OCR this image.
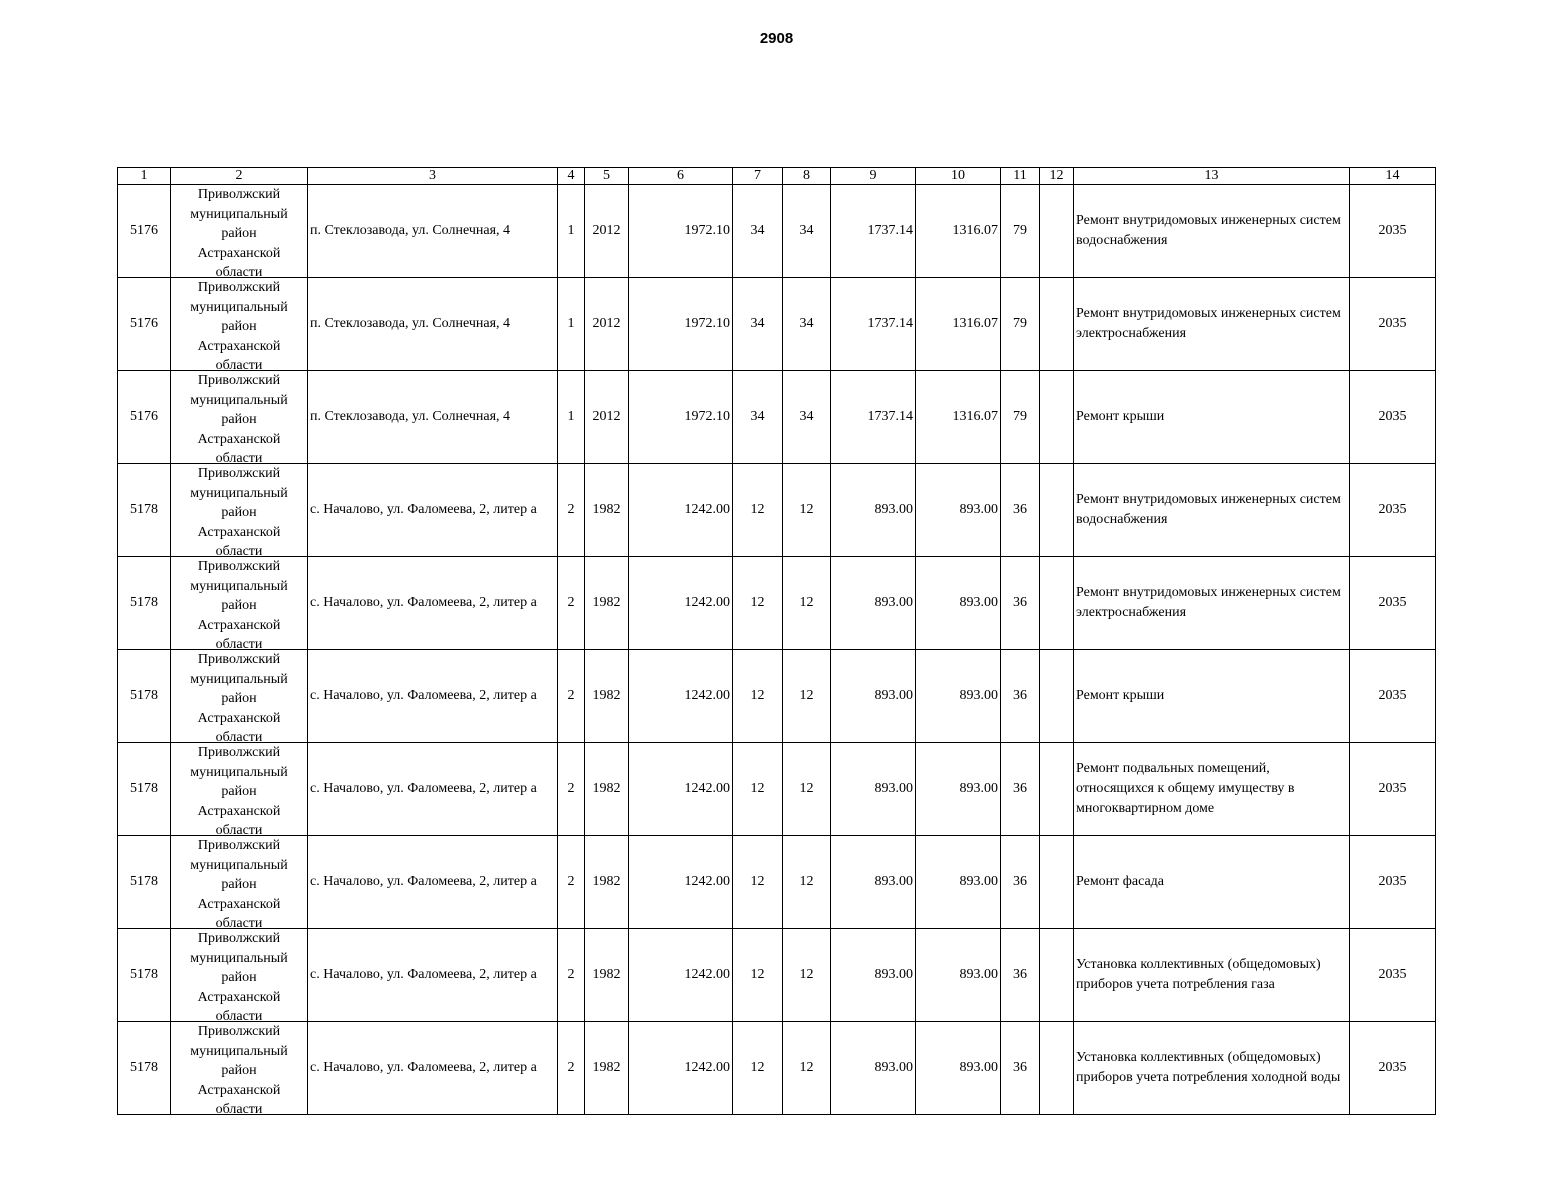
2908
1	2	3	4	5	6	7	8	9	10	11	12	13	14
5176	Приволжский
муниципальный
район
Астраханской
области	п. Стеклозавода, ул. Солнечная, 4	1	2012	1972.10	34	34	1737.14	1316.07	79		Ремонт внутридомовых инженерных систем водоснабжения	2035
5176	Приволжский
муниципальный
район
Астраханской
области	п. Стеклозавода, ул. Солнечная, 4	1	2012	1972.10	34	34	1737.14	1316.07	79		Ремонт внутридомовых инженерных систем электроснабжения	2035
5176	Приволжский
муниципальный
район
Астраханской
области	п. Стеклозавода, ул. Солнечная, 4	1	2012	1972.10	34	34	1737.14	1316.07	79		Ремонт крыши	2035
5178	Приволжский
муниципальный
район
Астраханской
области	с. Началово, ул. Фаломеева, 2, литер а	2	1982	1242.00	12	12	893.00	893.00	36		Ремонт внутридомовых инженерных систем водоснабжения	2035
5178	Приволжский
муниципальный
район
Астраханской
области	с. Началово, ул. Фаломеева, 2, литер а	2	1982	1242.00	12	12	893.00	893.00	36		Ремонт внутридомовых инженерных систем электроснабжения	2035
5178	Приволжский
муниципальный
район
Астраханской
области	с. Началово, ул. Фаломеева, 2, литер а	2	1982	1242.00	12	12	893.00	893.00	36		Ремонт крыши	2035
5178	Приволжский
муниципальный
район
Астраханской
области	с. Началово, ул. Фаломеева, 2, литер а	2	1982	1242.00	12	12	893.00	893.00	36		Ремонт подвальных помещений, относящихся к общему имуществу в многоквартирном доме	2035
5178	Приволжский
муниципальный
район
Астраханской
области	с. Началово, ул. Фаломеева, 2, литер а	2	1982	1242.00	12	12	893.00	893.00	36		Ремонт фасада	2035
5178	Приволжский
муниципальный
район
Астраханской
области	с. Началово, ул. Фаломеева, 2, литер а	2	1982	1242.00	12	12	893.00	893.00	36		Установка коллективных (общедомовых) приборов учета потребления газа	2035
5178	Приволжский
муниципальный
район
Астраханской
области	с. Началово, ул. Фаломеева, 2, литер а	2	1982	1242.00	12	12	893.00	893.00	36		Установка коллективных (общедомовых) приборов учета потребления холодной воды	2035
